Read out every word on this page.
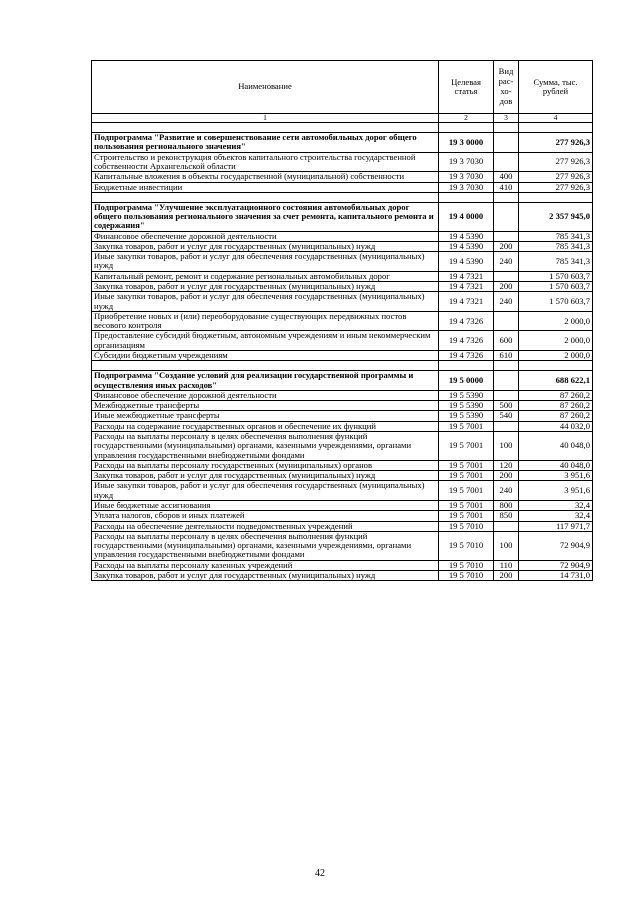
Наименование	Целевая статья	Вид
рас-
хо-
дов	Сумма, тыс. рублей
1	2	3	4

Подпрограмма "Развитие и совершенствование сети автомобильных дорог общего пользования регионального значения"	19 3 0000		277 926,3
Строительство и реконструкция объектов капитального строительства государственной собственности Архангельской области	19 3 7030		277 926,3
Капитальные вложения в объекты государственной (муниципальной) собственности	19 3 7030	400	277 926,3
Бюджетные инвестиции	19 3 7030	410	277 926,3

Подпрограмма "Улучшение эксплуатационного состояния автомобильных дорог общего пользования регионального значения за счет ремонта, капитального ремонта и содержания"	19 4 0000		2 357 945,0
Финансовое обеспечение дорожной деятельности	19 4 5390		785 341,3
Закупка товаров, работ и услуг для государственных (муниципальных) нужд	19 4 5390	200	785 341,3
Иные закупки товаров, работ и услуг для обеспечения государственных (муниципальных) нужд	19 4 5390	240	785 341,3
Капитальный ремонт, ремонт и содержание региональных автомобильных дорог	19 4 7321		1 570 603,7
Закупка товаров, работ и услуг для государственных (муниципальных) нужд	19 4 7321	200	1 570 603,7
Иные закупки товаров, работ и услуг для обеспечения государственных (муниципальных) нужд	19 4 7321	240	1 570 603,7
Приобретение новых и (или) переоборудование существующих передвижных постов весового контроля	19 4 7326		2 000,0
Предоставление субсидий бюджетным, автономным учреждениям и иным некоммерческим организациям	19 4 7326	600	2 000,0
Субсидии бюджетным учреждениям	19 4 7326	610	2 000,0

Подпрограмма "Создание условий для реализации государственной программы и осуществления иных расходов"	19 5 0000		688 622,1
Финансовое обеспечение дорожной деятельности	19 5 5390		87 260,2
Межбюджетные трансферты	19 5 5390	500	87 260,2
Иные межбюджетные трансферты	19 5 5390	540	87 260,2
Расходы на содержание государственных органов и обеспечение их функций	19 5 7001		44 032,0
Расходы на выплаты персоналу в целях обеспечения выполнения функций государственными (муниципальными) органами, казенными учреждениями, органами управления государственными внебюджетными фондами	19 5 7001	100	40 048,0
Расходы на выплаты персоналу государственных (муниципальных) органов	19 5 7001	120	40 048,0
Закупка товаров, работ и услуг для государственных (муниципальных) нужд	19 5 7001	200	3 951,6
Иные закупки товаров, работ и услуг для обеспечения государственных (муниципальных) нужд	19 5 7001	240	3 951,6
Иные бюджетные ассигнования	19 5 7001	800	32,4
Уплата налогов, сборов и иных платежей	19 5 7001	850	32,4
Расходы на обеспечение деятельности подведомственных учреждений	19 5 7010		117 971,7
Расходы на выплаты персоналу в целях обеспечения выполнения функций государственными (муниципальными) органами, казенными учреждениями, органами управления государственными внебюджетными фондами	19 5 7010	100	72 904,9
Расходы на выплаты персоналу казенных учреждений	19 5 7010	110	72 904,9
Закупка товаров, работ и услуг для государственных (муниципальных) нужд	19 5 7010	200	14 731,0
42
